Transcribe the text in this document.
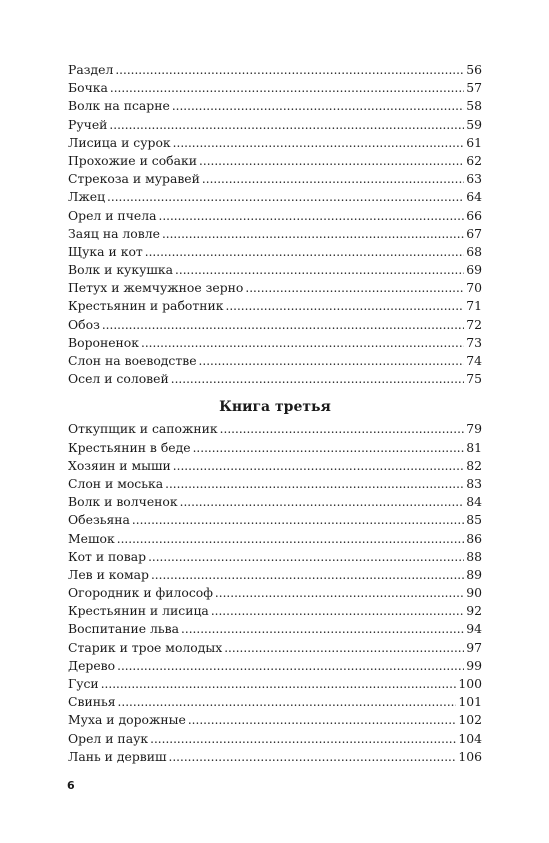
Раздел . . .	56
Бочка . . .	57
Волк на псарне . . .	58
Ручей . . .	59
Лисица и сурок . . .	61
Прохожие и собаки . . .	62
Стрекоза и муравей . . .	63
Лжец . . .	64
Орел и пчела . . .	66
Заяц на ловле . . .	67
Щука и кот . . .	68
Волк и кукушка . . .	69
Петух и жемчужное зерно . . .	70
Крестьянин и работник . . .	71
Обоз . . .	72
Вороненок . . .	73
Слон на воеводстве . . .	74
Осел и соловей . . .	75
Книга третья
Откупщик и сапожник . . .	79
Крестьянин в беде . . .	81
Хозяин и мыши . . .	82
Слон и моська . . .	83
Волк и волченок . . .	84
Обезьяна . . .	85
Мешок . . .	86
Кот и повар . . .	88
Лев и комар . . .	89
Огородник и философ . . .	90
Крестьянин и лисица . . .	92
Воспитание льва . . .	94
Старик и трое молодых . . .	97
Дерево . . .	99
Гуси . . .	100
Свинья . . .	101
Муха и дорожные . . .	102
Орел и паук . . .	104
Лань и дервиш . . .	106
6
